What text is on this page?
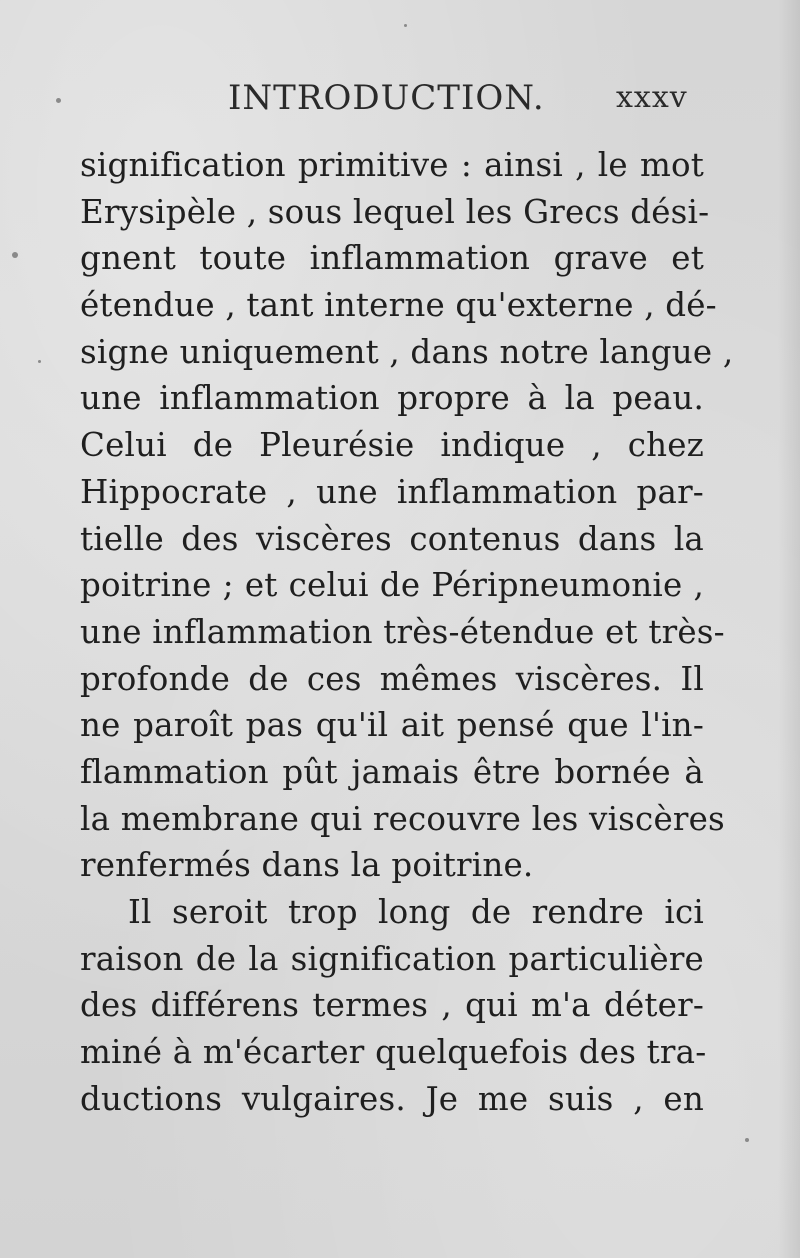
INTRODUCTION. xxxv
signification primitive : ainsi , le mot
Erysipèle , sous lequel les Grecs dési-
gnent toute inflammation grave et
étendue , tant interne qu'externe , dé-
signe uniquement , dans notre langue ,
une inflammation propre à la peau.
Celui de Pleurésie indique , chez
Hippocrate , une inflammation par-
tielle des viscères contenus dans la
poitrine ; et celui de Péripneumonie ,
une inflammation très-étendue et très-
profonde de ces mêmes viscères. Il
ne paroît pas qu'il ait pensé que l'in-
flammation pût jamais être bornée à
la membrane qui recouvre les viscères
renfermés dans la poitrine.
Il seroit trop long de rendre ici
raison de la signification particulière
des différens termes , qui m'a déter-
miné à m'écarter quelquefois des tra-
ductions vulgaires. Je me suis , en
